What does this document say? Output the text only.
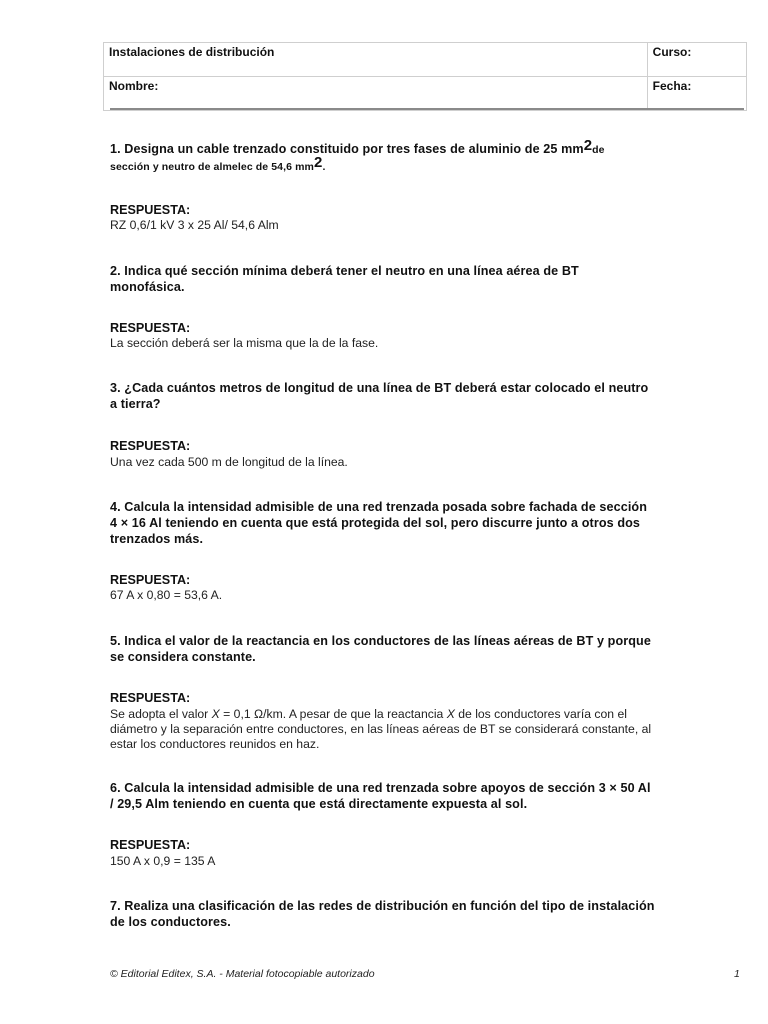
Instalaciones de distribución	Curso:
Nombre:	Fecha:
1. Designa un cable trenzado constituido por tres fases de aluminio de 25 $mm^2de$
sección y neutro de almelec de 54,6 $mm^2$.
RESPUESTA:
RZ 0,6/1 kV 3 x 25 Al/ 54,6 Alm
2. Indica qué sección mínima deberá tener el neutro en una línea aérea de BT monofásica.
RESPUESTA:
La sección deberá ser la misma que la de la fase.
3. ¿Cada cuántos metros de longitud de una línea de BT deberá estar colocado el neutro a tierra?
RESPUESTA:
Una vez cada 500 m de longitud de la línea.
4. Calcula la intensidad admisible de una red trenzada posada sobre fachada de sección 4 × 16 Al teniendo en cuenta que está protegida del sol, pero discurre junto a otros dos trenzados más.
RESPUESTA:
67 A x 0,80 = 53,6 A.
5. Indica el valor de la reactancia en los conductores de las líneas aéreas de BT y porque se considera constante.
RESPUESTA:
Se adopta el valor X = 0,1 Ω/km. A pesar de que la reactancia X de los conductores varía con el diámetro y la separación entre conductores, en las líneas aéreas de BT se considerará constante, al estar los conductores reunidos en haz.
6. Calcula la intensidad admisible de una red trenzada sobre apoyos de sección 3 × 50 Al / 29,5 Alm teniendo en cuenta que está directamente expuesta al sol.
RESPUESTA:
150 A x 0,9 = 135 A
7. Realiza una clasificación de las redes de distribución en función del tipo de instalación de los conductores.
© Editorial Editex, S.A. - Material fotocopiable autorizado	1
